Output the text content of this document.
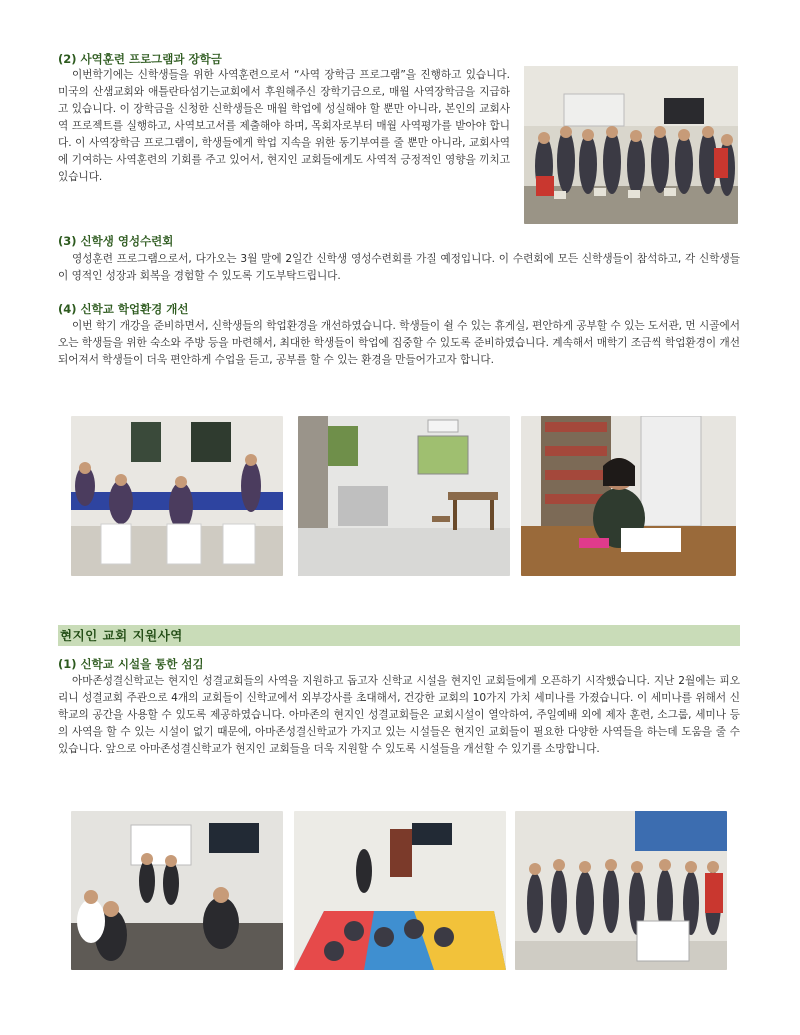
(2) 사역훈련 프로그램과 장학금
이번학기에는 신학생들을 위한 사역훈련으로서 “사역 장학금 프로그램”을 진행하고 있습니다. 미국의 산샘교회와 애틀란타섬기는교회에서 후원해주신 장학기금으로, 매월 사역장학금을 지급하고 있습니다. 이 장학금을 신청한 신학생들은 매월 학업에 성실해야 할 뿐만 아니라, 본인의 교회사역 프로젝트를 실행하고, 사역보고서를 제출해야 하며, 목회자로부터 매월 사역평가를 받아야 합니다. 이 사역장학금 프로그램이, 학생들에게 학업 지속을 위한 동기부여를 줄 뿐만 아니라, 교회사역에 기여하는 사역훈련의 기회를 주고 있어서, 현지인 교회들에게도 사역적 긍정적인 영향을 끼치고 있습니다.
(3) 신학생 영성수련회
영성훈련 프로그램으로서, 다가오는 3월 말에 2일간 신학생 영성수련회를 가질 예정입니다. 이 수련회에 모든 신학생들이 참석하고, 각 신학생들이 영적인 성장과 회복을 경험할 수 있도록 기도부탁드립니다.
(4) 신학교 학업환경 개선
이번 학기 개강을 준비하면서, 신학생들의 학업환경을 개선하였습니다. 학생들이 쉴 수 있는 휴게실, 편안하게 공부할 수 있는 도서관, 먼 시골에서 오는 학생들을 위한 숙소와 주방 등을 마련해서, 최대한 학생들이 학업에 집중할 수 있도록 준비하였습니다. 계속해서 매학기 조금씩 학업환경이 개선되어져서 학생들이 더욱 편안하게 수업을 듣고, 공부를 할 수 있는 환경을 만들어가고자 합니다.
현지인 교회 지원사역
(1) 신학교 시설을 통한 섬김
아마존성결신학교는 현지인 성결교회들의 사역을 지원하고 돕고자 신학교 시설을 현지인 교회들에게 오픈하기 시작했습니다. 지난 2월에는 피오리니 성결교회 주관으로 4개의 교회들이 신학교에서 외부강사를 초대해서, 건강한 교회의 10가지 가치 세미나를 가졌습니다. 이 세미나를 위해서 신학교의 공간을 사용할 수 있도록 제공하였습니다. 아마존의 현지인 성결교회들은 교회시설이 열악하여, 주일예배 외에 제자 훈련, 소그룹, 세미나 등의 사역을 할 수 있는 시설이 없기 때문에, 아마존성결신학교가 가지고 있는 시설들은 현지인 교회들이 필요한 다양한 사역들을 하는데 도움을 줄 수 있습니다. 앞으로 아마존성결신학교가 현지인 교회들을 더욱 지원할 수 있도록 시설들을 개선할 수 있기를 소망합니다.
